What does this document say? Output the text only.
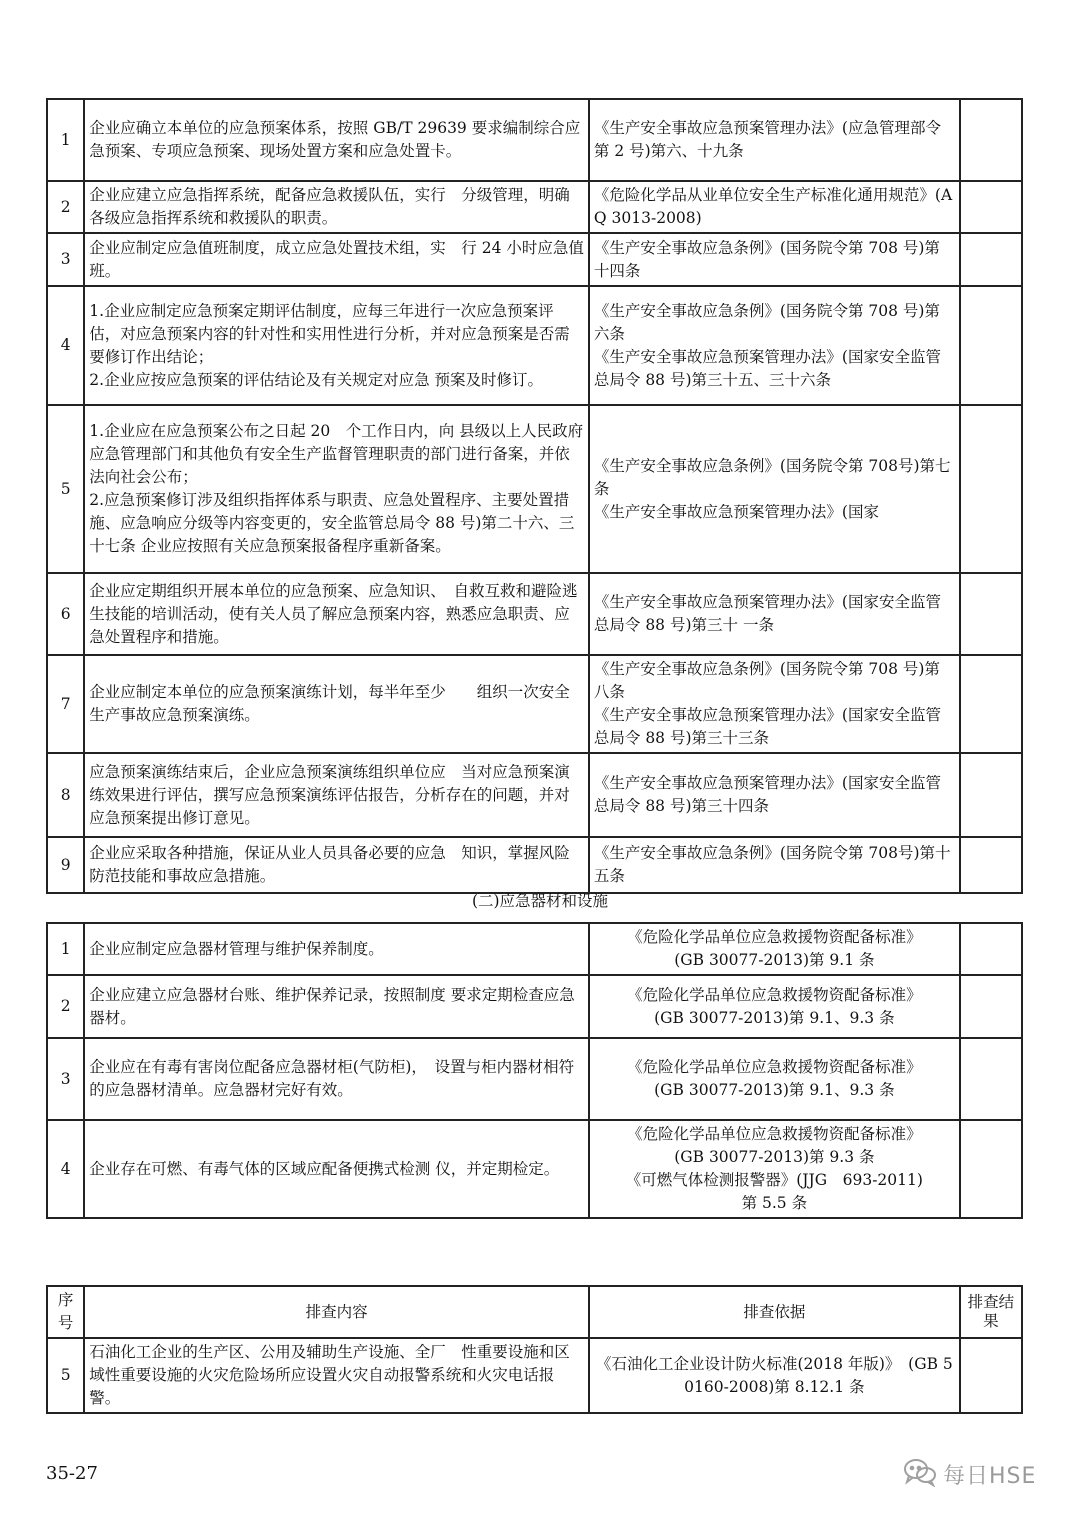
1	企业应确立本单位的应急预案体系，按照 GB/T 29639 要求编制综合应急预案、专项应急预案、现场处置方案和应急处置卡。	《生产安全事故应急预案管理办法》(应急管理部令第 2 号)第六、十九条	
2	企业应建立应急指挥系统，配备应急救援队伍，实行　分级管理，明确各级应急指挥系统和救援队的职责。	《危险化学品从业单位安全生产标准化通用规范》(AQ 3013-2008)	
3	企业应制定应急值班制度，成立应急处置技术组，实　行 24 小时应急值班。	《生产安全事故应急条例》(国务院令第 708 号)第十四条	
4	1.企业应制定应急预案定期评估制度，应每三年进行一次应急预案评估，对应急预案内容的针对性和实用性进行分析，并对应急预案是否需要修订作出结论；
2.企业应按应急预案的评估结论及有关规定对应急 预案及时修订。	《生产安全事故应急条例》(国务院令第 708 号)第六条
《生产安全事故应急预案管理办法》(国家安全监管总局令 88 号)第三十五、三十六条	
5	1.企业应在应急预案公布之日起 20　个工作日内，向 县级以上人民政府应急管理部门和其他负有安全生产监督管理职责的部门进行备案，并依法向社会公布；
2.应急预案修订涉及组织指挥体系与职责、应急处置程序、主要处置措施、应急响应分级等内容变更的，安全监管总局令 88 号)第二十六、三十七条 企业应按照有关应急预案报备程序重新备案。	《生产安全事故应急条例》(国务院令第 708号)第七条
《生产安全事故应急预案管理办法》(国家	
6	企业应定期组织开展本单位的应急预案、应急知识、　自救互救和避险逃生技能的培训活动，使有关人员了解应急预案内容，熟悉应急职责、应急处置程序和措施。	《生产安全事故应急预案管理办法》(国家安全监管总局令 88 号)第三十 一条	
7	企业应制定本单位的应急预案演练计划，每半年至少　　组织一次安全生产事故应急预案演练。	《生产安全事故应急条例》(国务院令第 708 号)第八条
《生产安全事故应急预案管理办法》(国家安全监管总局令 88 号)第三十三条	
8	应急预案演练结束后，企业应急预案演练组织单位应　当对应急预案演练效果进行评估，撰写应急预案演练评估报告，分析存在的问题，并对应急预案提出修订意见。	《生产安全事故应急预案管理办法》(国家安全监管总局令 88 号)第三十四条	
9	企业应采取各种措施，保证从业人员具备必要的应急　知识，掌握风险防范技能和事故应急措施。	《生产安全事故应急条例》(国务院令第 708号)第十五条	
(二)应急器材和设施
1	企业应制定应急器材管理与维护保养制度。	《危险化学品单位应急救援物资配备标准》
(GB 30077-2013)第 9.1 条	
2	企业应建立应急器材台账、维护保养记录，按照制度 要求定期检查应急器材。	《危险化学品单位应急救援物资配备标准》
(GB 30077-2013)第 9.1、9.3 条	
3	企业应在有毒有害岗位配备应急器材柜(气防柜)，　设置与柜内器材相符的应急器材清单。应急器材完好有效。	《危险化学品单位应急救援物资配备标准》
(GB 30077-2013)第 9.1、9.3 条	
4	企业存在可燃、有毒气体的区域应配备便携式检测 仪，并定期检定。	《危险化学品单位应急救援物资配备标准》
(GB 30077-2013)第 9.3 条
《可燃气体检测报警器》(JJG　693-2011)
第 5.5 条	
序号	排查内容	排查依据	排查结果
5	石油化工企业的生产区、公用及辅助生产设施、全厂　性重要设施和区域性重要设施的火灾危险场所应设置火灾自动报警系统和火灾电话报警。	《石油化工企业设计防火标准(2018 年版)》　(GB 50160-2008)第 8.12.1 条	
35-27	每日HSE
